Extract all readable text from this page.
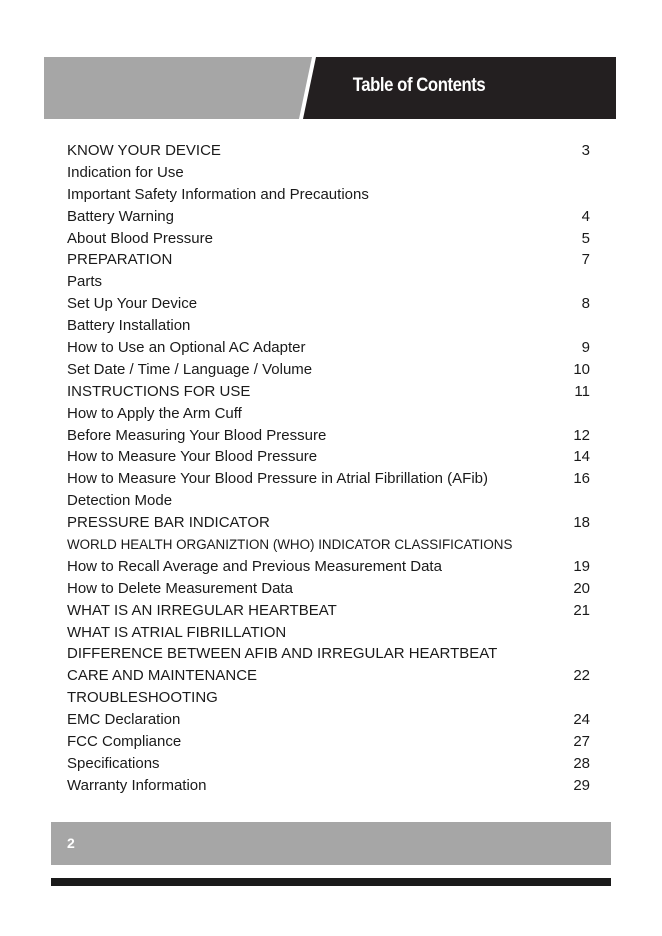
Table of Contents
KNOW YOUR DEVICE	3
Indication for Use
Important Safety Information and Precautions
Battery Warning	4
About Blood Pressure	5
PREPARATION	7
Parts
Set Up Your Device	8
Battery Installation
How to Use an Optional AC Adapter	9
Set Date / Time / Language / Volume	10
INSTRUCTIONS FOR USE	11
How to Apply the Arm Cuff
Before Measuring Your Blood Pressure	12
How to Measure Your Blood Pressure	14
How to Measure Your Blood Pressure in Atrial Fibrillation (AFib)	16
Detection Mode
PRESSURE BAR INDICATOR	18
WORLD HEALTH ORGANIZTION (WHO) INDICATOR CLASSIFICATIONS
How to Recall Average and Previous Measurement Data	19
How to Delete Measurement Data	20
WHAT IS AN IRREGULAR HEARTBEAT	21
WHAT IS ATRIAL FIBRILLATION
DIFFERENCE BETWEEN AFIB AND IRREGULAR HEARTBEAT
CARE AND MAINTENANCE	22
TROUBLESHOOTING
EMC Declaration	24
FCC Compliance	27
Specifications	28
Warranty Information	29
2
